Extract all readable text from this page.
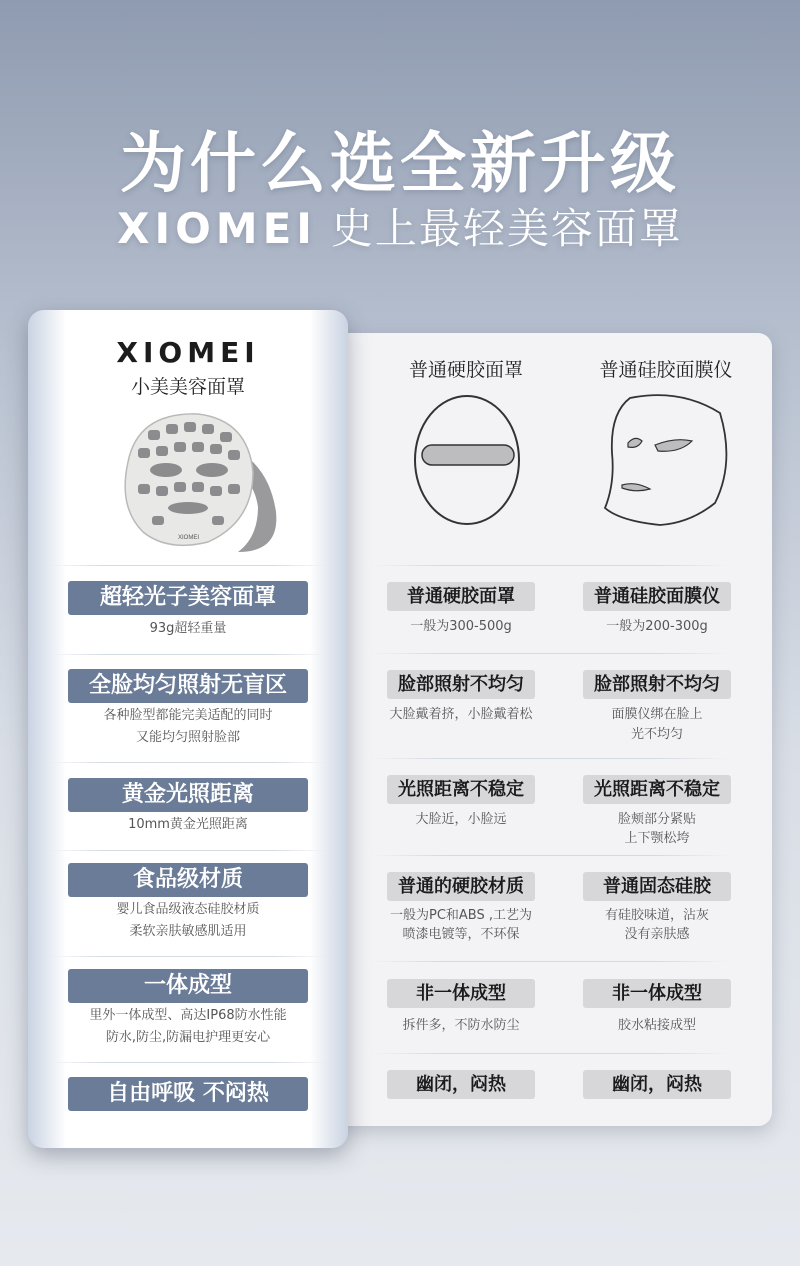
为什么选全新升级
XIOMEI 史上最轻美容面罩
普通硬胶面罩	普通硅胶面膜仪
普通硬胶面罩
一般为300-500g
普通硅胶面膜仪
一般为200-300g
脸部照射不均匀
大脸戴着挤，小脸戴着松
脸部照射不均匀
面膜仪绑在脸上
光不均匀
光照距离不稳定
大脸近，小脸远
光照距离不稳定
脸颊部分紧贴
上下颚松垮
普通的硬胶材质
一般为PC和ABS ,工艺为
喷漆电镀等，不环保
普通固态硅胶
有硅胶味道，沾灰
没有亲肤感
非一体成型
拆件多，不防水防尘
非一体成型
胶水粘接成型
幽闭，闷热	幽闭，闷热
XIOMEI
小美美容面罩
XIOMEI
超轻光子美容面罩
93g超轻重量
全脸均匀照射无盲区
各种脸型都能完美适配的同时
又能均匀照射脸部
黄金光照距离
10mm黄金光照距离
食品级材质
婴儿食品级液态硅胶材质
柔软亲肤敏感肌适用
一体成型
里外一体成型、高达IP68防水性能
防水,防尘,防漏电护理更安心
自由呼吸 不闷热
